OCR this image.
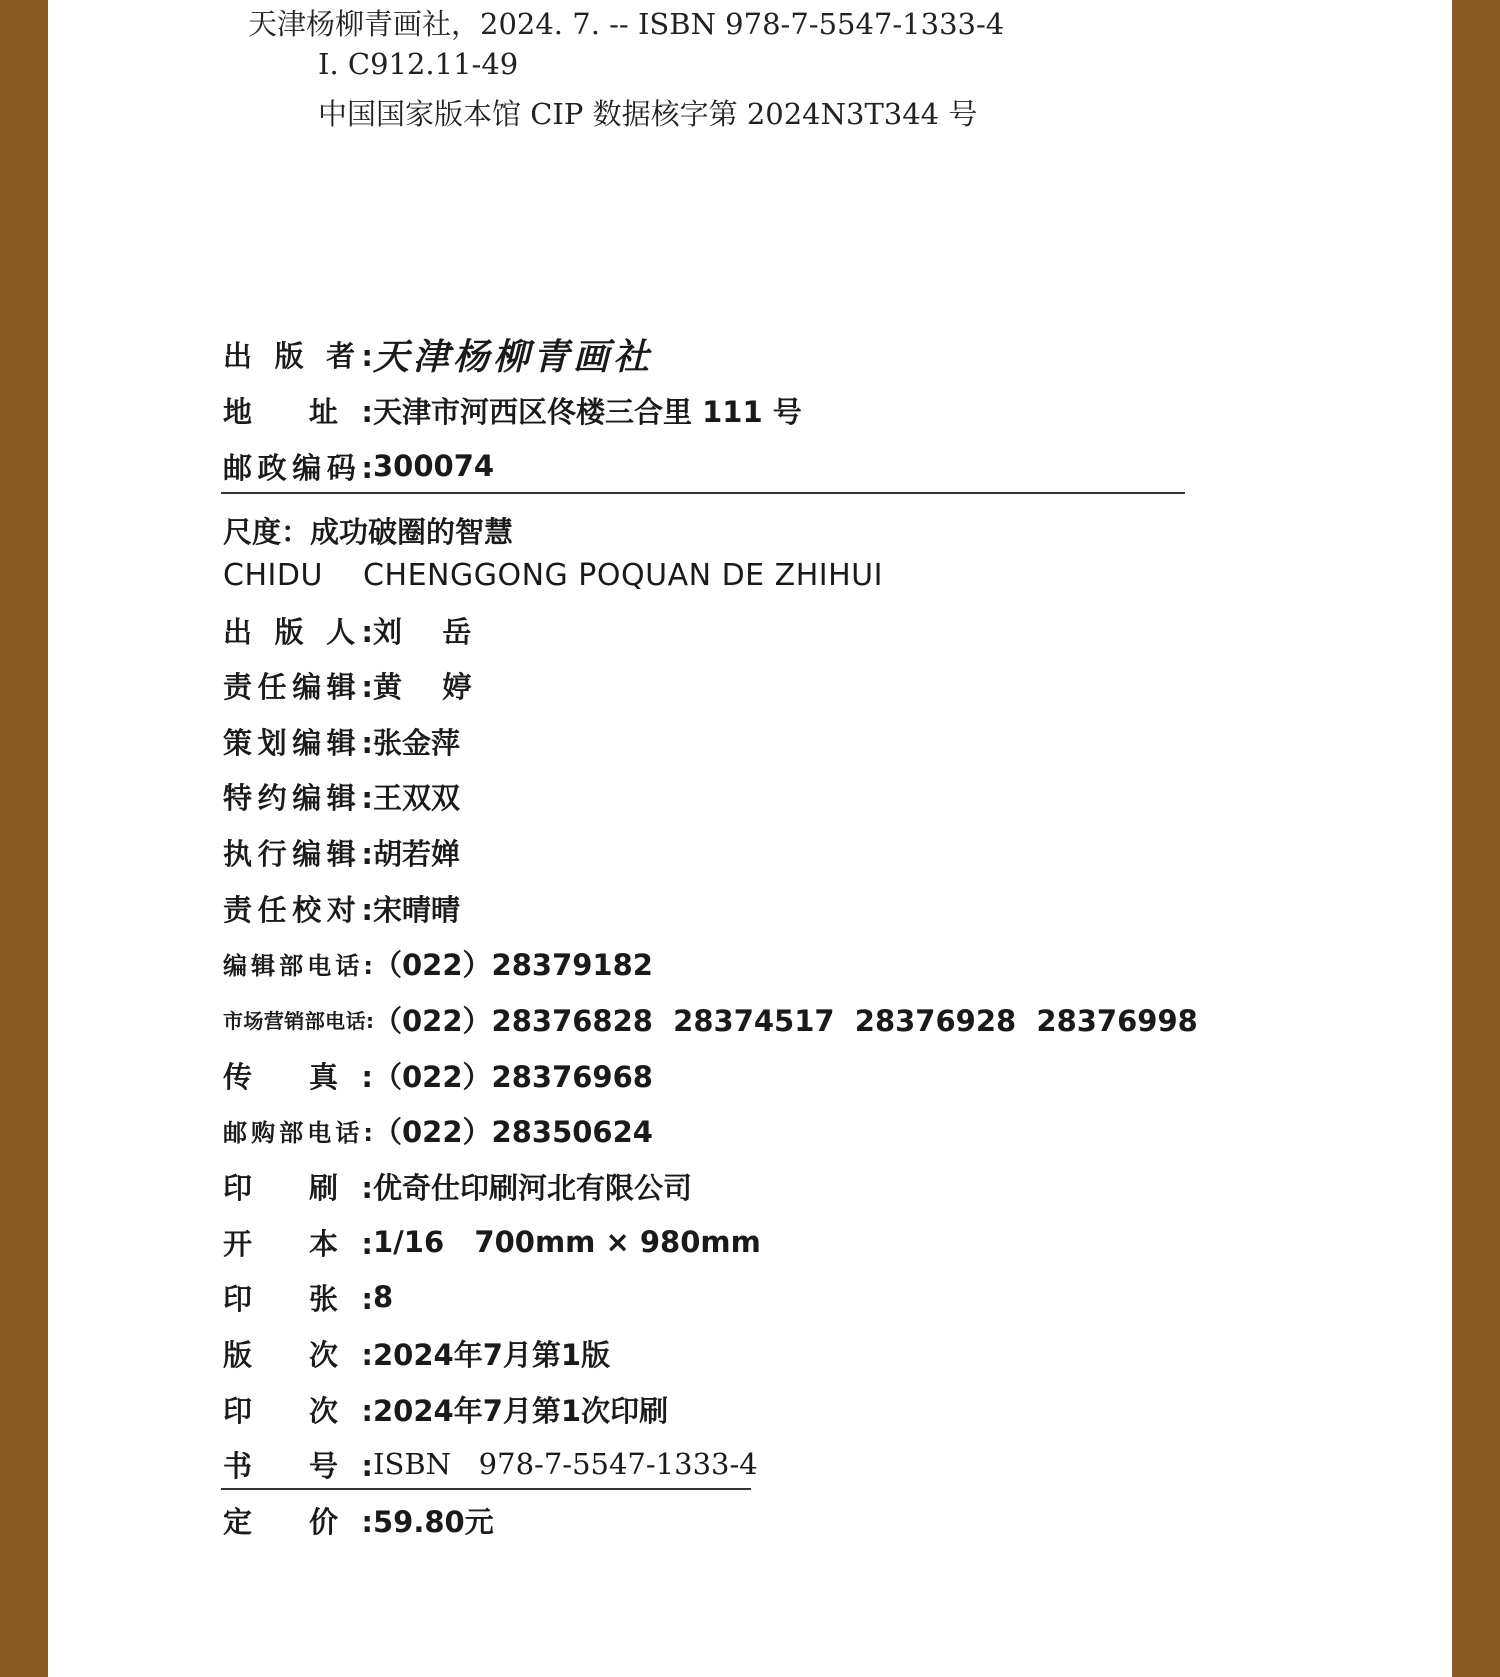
天津杨柳青画社，2024. 7. -- ISBN 978-7-5547-1333-4
Ⅰ. C912.11-49
中国国家版本馆 CIP 数据核字第 2024N3T344 号
出 版 者: 天津杨柳青画社
地 址: 天津市河西区佟楼三合里 111 号
邮政编码: 300074
尺度：成功破圈的智慧
CHIDU    CHENGGONG POQUAN DE ZHIHUI
出 版 人: 刘    岳
责任编辑: 黄    婷
策划编辑: 张金萍
特约编辑: 王双双
执行编辑: 胡若婵
责任校对: 宋晴晴
编辑部电话: （022）28379182
市场营销部电话: （022）28376828  28374517  28376928  28376998
传 真: （022）28376968
邮购部电话: （022）28350624
印 刷: 优奇仕印刷河北有限公司
开 本: 1/16   700mm × 980mm
印 张: 8
版 次: 2024年7月第1版
印 次: 2024年7月第1次印刷
书 号: ISBN   978-7-5547-1333-4
定 价: 59.80元
